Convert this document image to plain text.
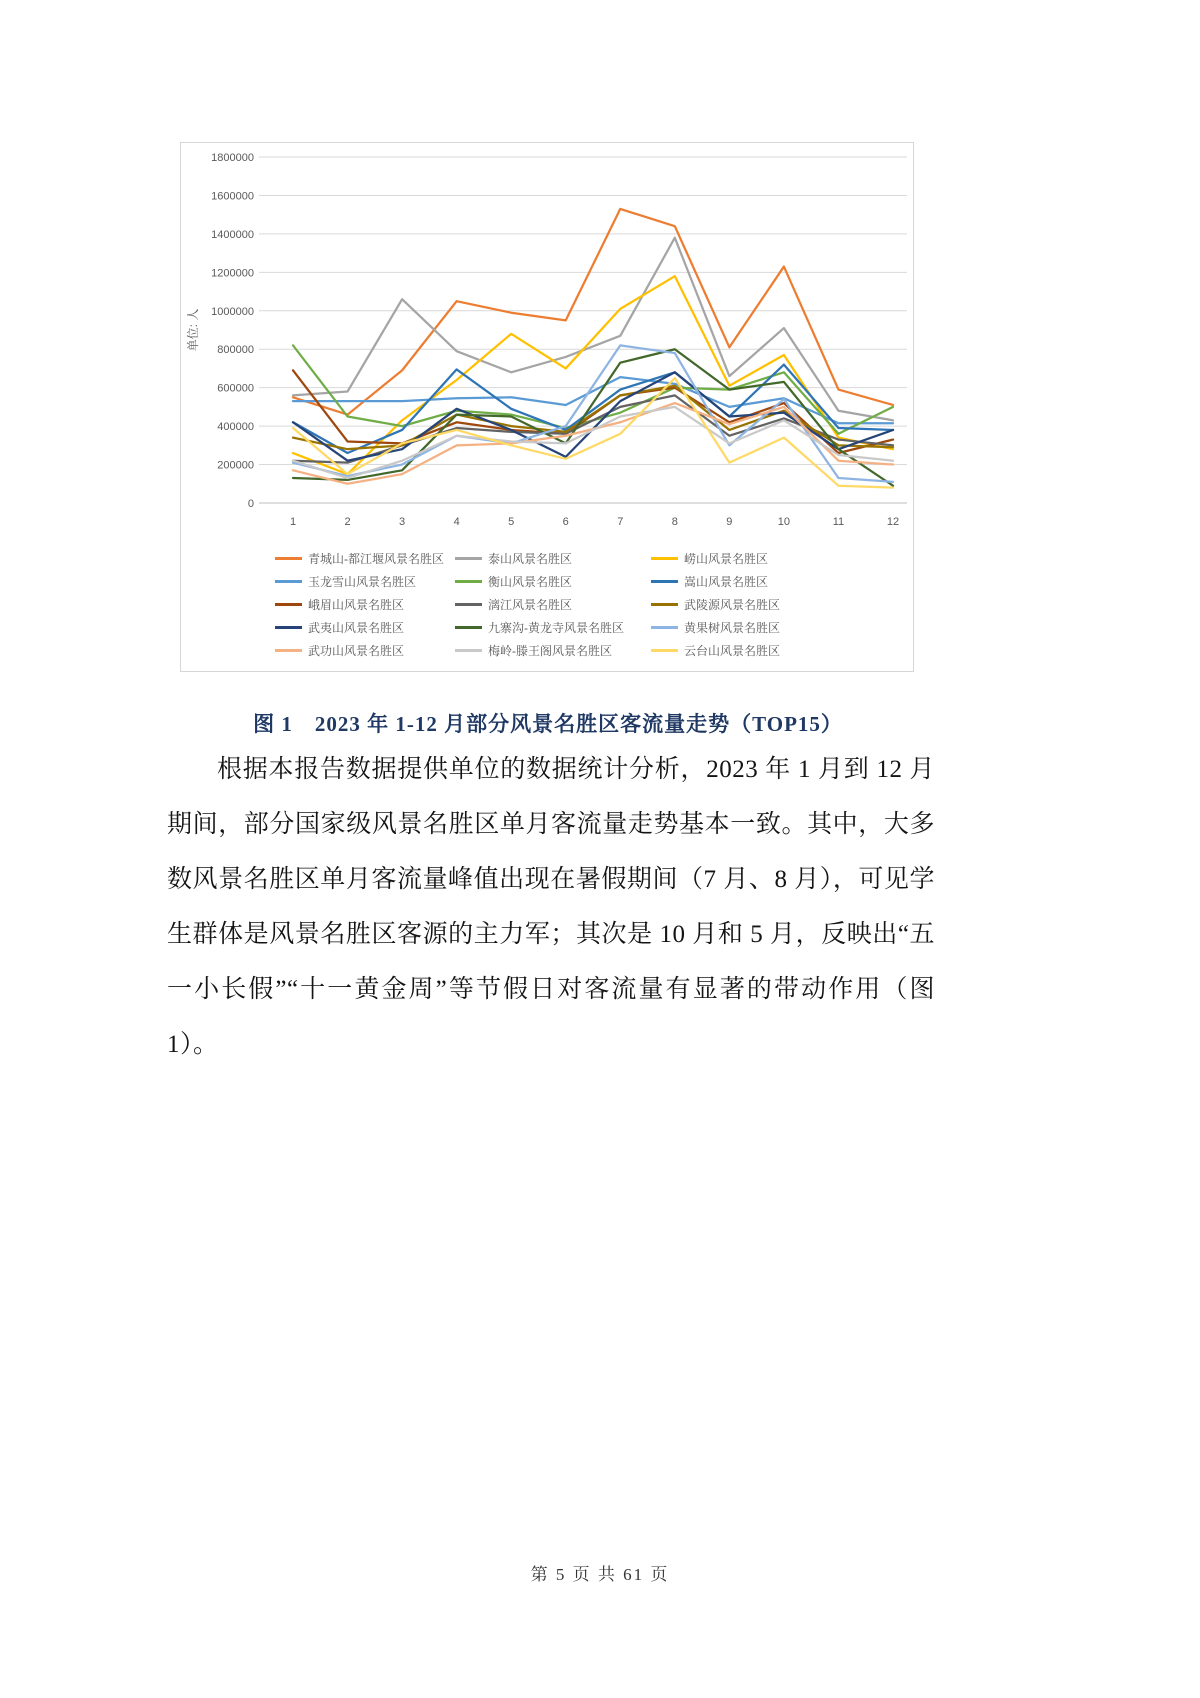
0
200000
400000
600000
800000
1000000
1200000
1400000
1600000
1800000
1	2	3	4	5	6	7	8	9	10	11	12
单位: 人
青城山-都江堰风景名胜区	泰山风景名胜区	崂山风景名胜区
玉龙雪山风景名胜区	衡山风景名胜区	嵩山风景名胜区
峨眉山风景名胜区	漓江风景名胜区	武陵源风景名胜区
武夷山风景名胜区	九寨沟-黄龙寺风景名胜区	黄果树风景名胜区
武功山风景名胜区	梅岭-滕王阁风景名胜区	云台山风景名胜区
图 1　2023 年 1-12 月部分风景名胜区客流量走势（TOP15）

根据本报告数据提供单位的数据统计分析，2023 年 1 月到 12 月期间，部分国家级风景名胜区单月客流量走势基本一致。其中，大多数风景名胜区单月客流量峰值出现在暑假期间（7 月、8 月），可见学生群体是风景名胜区客源的主力军；其次是 10 月和 5 月，反映出“五一小长假”“十一黄金周”等节假日对客流量有显著的带动作用（图 1）。

第 5 页 共 61 页
